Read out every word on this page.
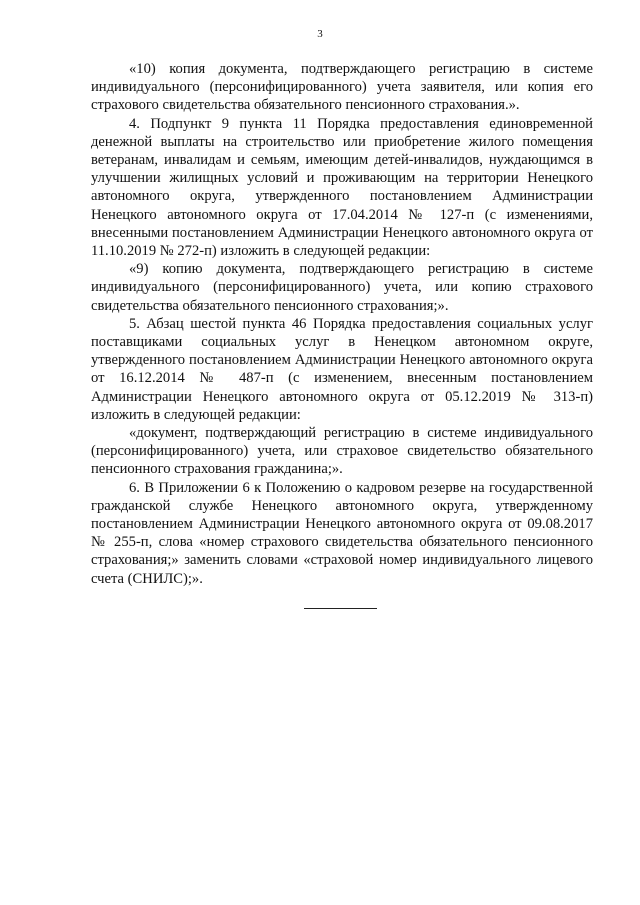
3

«10) копия документа, подтверждающего регистрацию в системе индивидуального (персонифицированного) учета заявителя, или копия его страхового свидетельства обязательного пенсионного страхования.».

4. Подпункт 9 пункта 11 Порядка предоставления единовременной денежной выплаты на строительство или приобретение жилого помещения ветеранам, инвалидам и семьям, имеющим детей-инвалидов, нуждающимся в улучшении жилищных условий и проживающим на территории Ненецкого автономного округа, утвержденного постановлением Администрации Ненецкого автономного округа от 17.04.2014 № 127-п (с изменениями, внесенными постановлением Администрации Ненецкого автономного округа от 11.10.2019 № 272-п) изложить в следующей редакции:

«9) копию документа, подтверждающего регистрацию в системе индивидуального (персонифицированного) учета, или копию страхового свидетельства обязательного пенсионного страхования;».

5. Абзац шестой пункта 46 Порядка предоставления социальных услуг поставщиками социальных услуг в Ненецком автономном округе, утвержденного постановлением Администрации Ненецкого автономного округа от 16.12.2014 № 487-п (с изменением, внесенным постановлением Администрации Ненецкого автономного округа от 05.12.2019 № 313-п) изложить в следующей редакции:

«документ, подтверждающий регистрацию в системе индивидуального (персонифицированного) учета, или страховое свидетельство обязательного пенсионного страхования гражданина;».

6. В Приложении 6 к Положению о кадровом резерве на государственной гражданской службе Ненецкого автономного округа, утвержденному постановлением Администрации Ненецкого автономного округа от 09.08.2017 № 255-п, слова «номер страхового свидетельства обязательного пенсионного страхования;» заменить словами «страховой номер индивидуального лицевого счета (СНИЛС);».
